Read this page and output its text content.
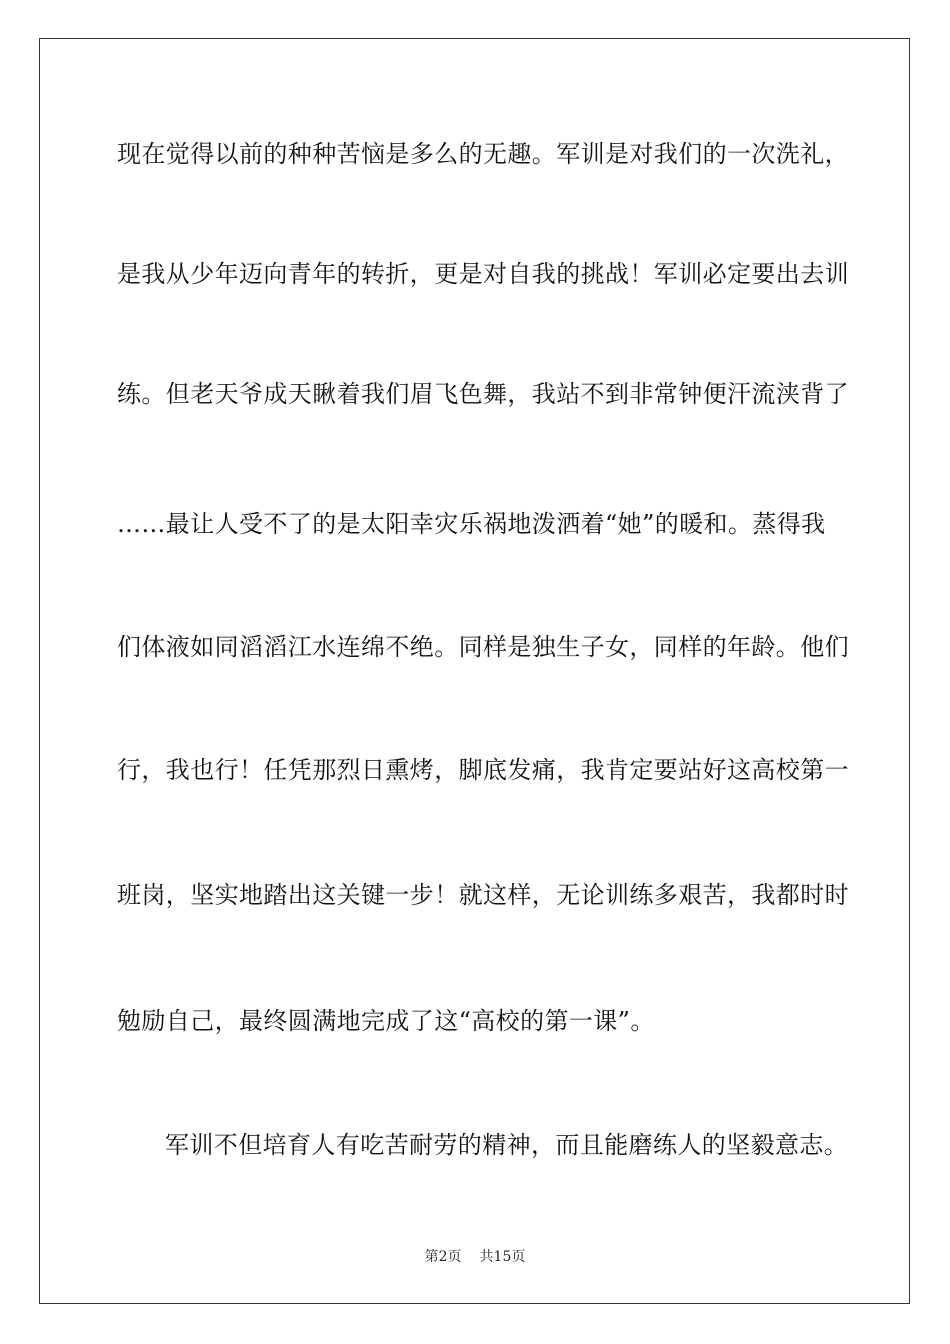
现在觉得以前的种种苦恼是多么的无趣。军训是对我们的一次洗礼，
是我从少年迈向青年的转折，更是对自我的挑战！军训必定要出去训
练。但老天爷成天瞅着我们眉飞色舞，我站不到非常钟便汗流浃背了
……最让人受不了的是太阳幸灾乐祸地泼洒着“她”的暖和。蒸得我
们体液如同滔滔江水连绵不绝。同样是独生子女，同样的年龄。他们
行，我也行！任凭那烈日熏烤，脚底发痛，我肯定要站好这高校第一
班岗，坚实地踏出这关键一步！就这样，无论训练多艰苦，我都时时
勉励自己，最终圆满地完成了这“高校的第一课”。
军训不但培育人有吃苦耐劳的精神，而且能磨练人的坚毅意志。
第2页 共15页
